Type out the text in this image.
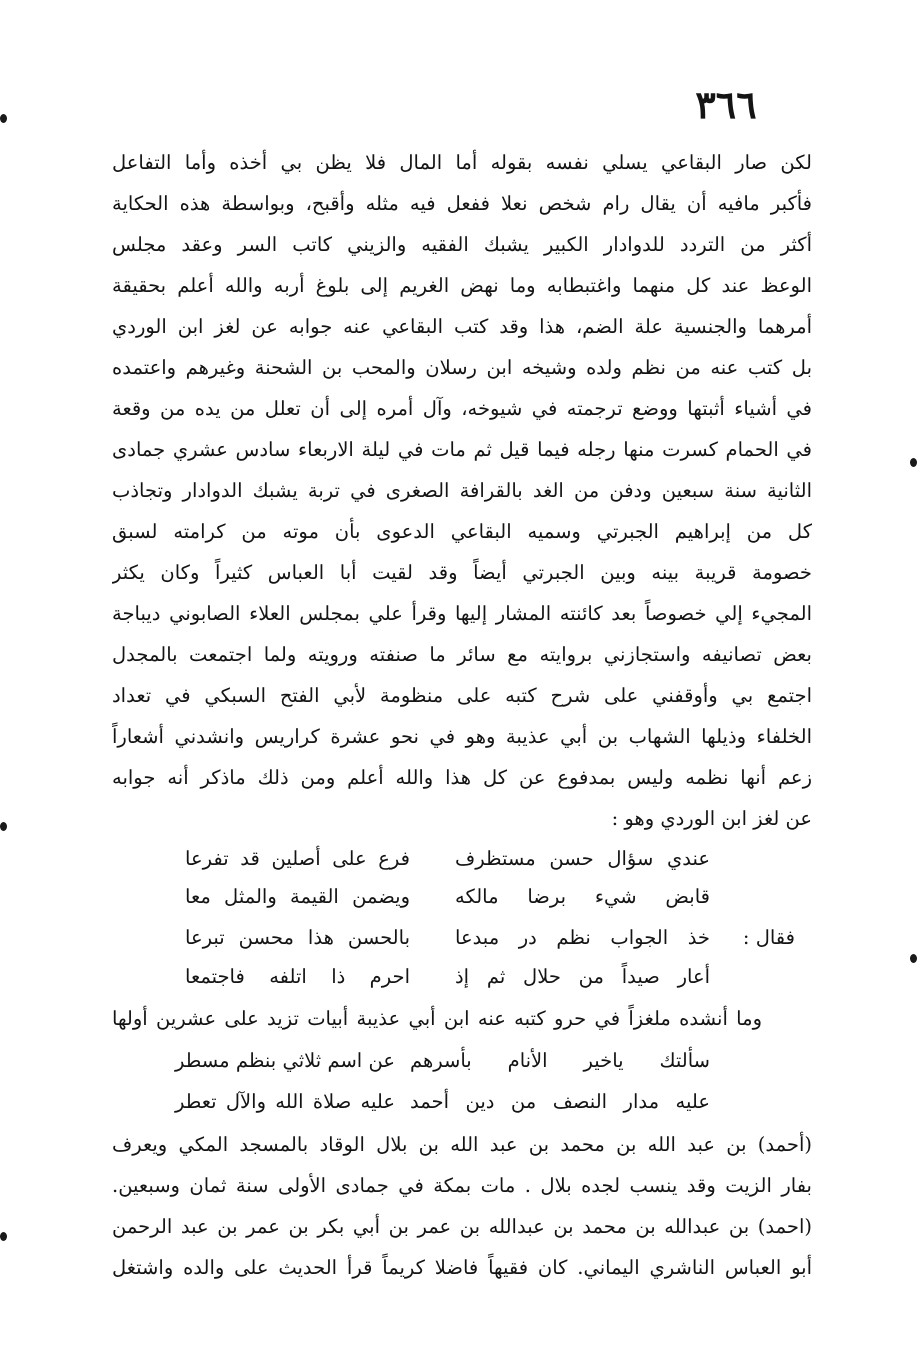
٣٦٦
لكن صار البقاعي يسلي نفسه بقوله أما المال فلا يظن بي أخذه وأما التفاعل
فأكبر مافيه أن يقال رام شخص نعلا ففعل فيه مثله وأقبح، وبواسطة هذه الحكاية
أكثر من التردد للدوادار الكبير يشبك الفقيه والزيني كاتب السر وعقد مجلس
الوعظ عند كل منهما واغتبطابه وما نهض الغريم إلى بلوغ أربه والله أعلم بحقيقة
أمرهما والجنسية علة الضم، هذا وقد كتب البقاعي عنه جوابه عن لغز ابن الوردي
بل كتب عنه من نظم ولده وشيخه ابن رسلان والمحب بن الشحنة وغيرهم واعتمده
في أشياء أثبتها ووضع ترجمته في شيوخه، وآل أمره إلى أن تعلل من يده من وقعة
في الحمام كسرت منها رجله فيما قيل ثم مات في ليلة الاربعاء سادس عشري جمادى
الثانية سنة سبعين ودفن من الغد بالقرافة الصغرى في تربة يشبك الدوادار وتجاذب
كل من إبراهيم الجبرتي وسميه البقاعي الدعوى بأن موته من كرامته لسبق
خصومة قريبة بينه وبين الجبرتي أيضاً وقد لقيت أبا العباس كثيراً وكان يكثر
المجيء إلي خصوصاً بعد كائنته المشار إليها وقرأ علي بمجلس العلاء الصابوني ديباجة
بعض تصانيفه واستجازني بروايته مع سائر ما صنفته ورويته ولما اجتمعت بالمجدل
اجتمع بي وأوقفني على شرح كتبه على منظومة لأبي الفتح السبكي في تعداد
الخلفاء وذيلها الشهاب بن أبي عذيبة وهو في نحو عشرة كراريس وانشدني أشعاراً
زعم أنها نظمه وليس بمدفوع عن كل هذا والله أعلم ومن ذلك ماذكر أنه جوابه
عن لغز ابن الوردي وهو :
عندي سؤال حسن مستظرف
فرع على أصلين قد تفرعا
قابض شيء برضا مالكه
ويضمن القيمة والمثل معا
فقال :
خذ الجواب نظم در مبدعا
بالحسن هذا محسن تبرعا
أعار صيداً من حلال ثم إذ
احرم ذا اتلفه فاجتمعا
وما أنشده ملغزاً في حرو كتبه عنه ابن أبي عذيبة أبيات تزيد على عشرين أولها
سألتك ياخير الأنام بأسرهم
عن اسم ثلاثي بنظم مسطر
عليه مدار النصف من دين أحمد
عليه صلاة الله والآل تعطر
(أحمد) بن عبد الله بن محمد بن عبد الله بن بلال الوقاد بالمسجد المكي ويعرف
بفار الزيت وقد ينسب لجده بلال . مات بمكة في جمادى الأولى سنة ثمان وسبعين.
(احمد) بن عبدالله بن محمد بن عبدالله بن عمر بن أبي بكر بن عمر بن عبد الرحمن
أبو العباس الناشري اليماني. كان فقيهاً فاضلا كريماً قرأ الحديث على والده واشتغل
